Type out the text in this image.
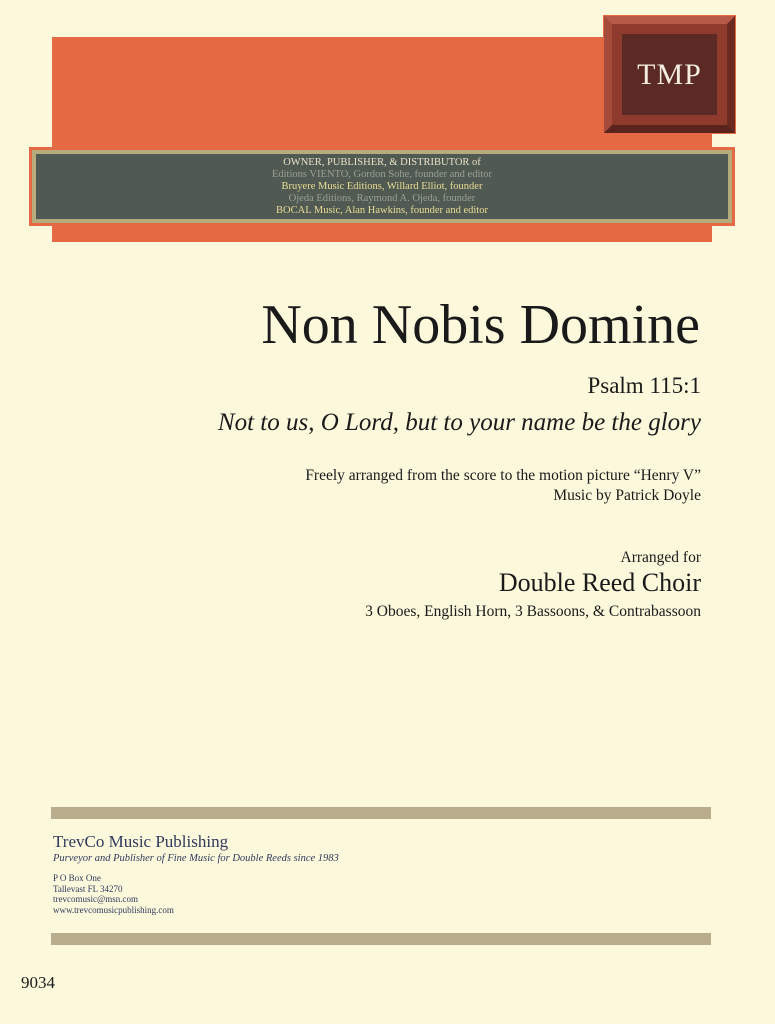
TMP
OWNER, PUBLISHER, & DISTRIBUTOR of
Editions VIENTO, Gordon Sohe, founder and editor
Bruyere Music Editions, Willard Elliot, founder
Ojeda Editions, Raymond A. Ojeda, founder
BOCAL Music, Alan Hawkins, founder and editor
Non Nobis Domine
Psalm 115:1
Not to us, O Lord, but to your name be the glory
Freely arranged from the score to the motion picture “Henry V”
Music by Patrick Doyle
Arranged for
Double Reed Choir
3 Oboes, English Horn, 3 Bassoons, & Contrabassoon
TrevCo Music Publishing
Purveyor and Publisher of Fine Music for Double Reeds since 1983
P O Box One
Tallevast FL 34270
trevcomusic@msn.com
www.trevcomusicpublishing.com
9034
